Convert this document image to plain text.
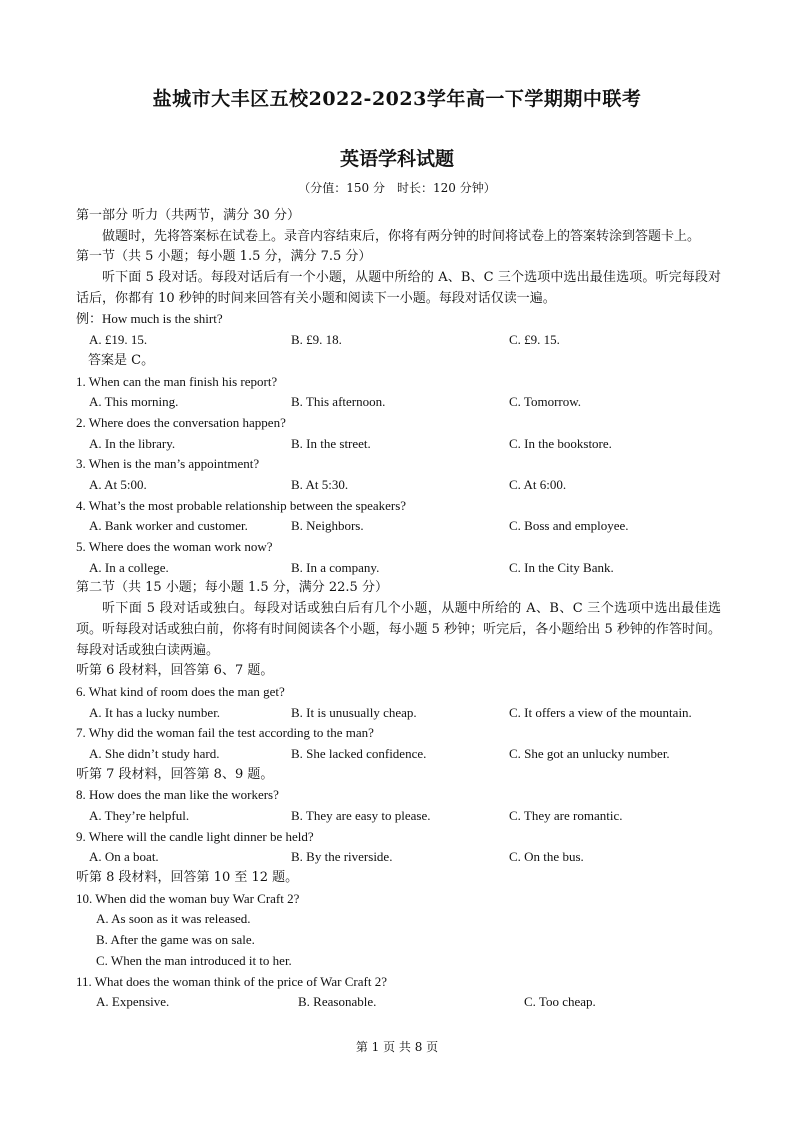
盐城市大丰区五校2022-2023学年高一下学期期中联考
英语学科试题
（分值：150 分　时长：120 分钟）
第一部分 听力（共两节，满分 30 分）
做题时，先将答案标在试卷上。录音内容结束后，你将有两分钟的时间将试卷上的答案转涂到答题卡上。
第一节（共 5 小题；每小题 1.5 分，满分 7.5 分）
听下面 5 段对话。每段对话后有一个小题，从题中所给的 A、B、C 三个选项中选出最佳选项。听完每段对话后，你都有 10 秒钟的时间来回答有关小题和阅读下一小题。每段对话仅读一遍。
例：How much is the shirt?
A. £19. 15.	B. £9. 18.	C. £9. 15.
答案是 C。
1. When can the man finish his report?
A. This morning.	B. This afternoon.	C. Tomorrow.
2. Where does the conversation happen?
A. In the library.	B. In the street.	C. In the bookstore.
3. When is the man’s appointment?
A. At 5:00.	B. At 5:30.	C. At 6:00.
4. What’s the most probable relationship between the speakers?
A. Bank worker and customer.	B. Neighbors.	C. Boss and employee.
5. Where does the woman work now?
A. In a college.	B. In a company.	C. In the City Bank.
第二节（共 15 小题；每小题 1.5 分，满分 22.5 分）
听下面 5 段对话或独白。每段对话或独白后有几个小题，从题中所给的 A、B、C 三个选项中选出最佳选项。听每段对话或独白前，你将有时间阅读各个小题，每小题 5 秒钟；听完后，各小题给出 5 秒钟的作答时间。每段对话或独白读两遍。
听第 6 段材料，回答第 6、7 题。
6. What kind of room does the man get?
A. It has a lucky number.	B. It is unusually cheap.	C. It offers a view of the mountain.
7. Why did the woman fail the test according to the man?
A. She didn’t study hard.	B. She lacked confidence.	C. She got an unlucky number.
听第 7 段材料，回答第 8、9 题。
8. How does the man like the workers?
A. They’re helpful.	B. They are easy to please.	C. They are romantic.
9. Where will the candle light dinner be held?
A. On a boat.	B. By the riverside.	C. On the bus.
听第 8 段材料，回答第 10 至 12 题。
10. When did the woman buy War Craft 2?
A. As soon as it was released.
B. After the game was on sale.
C. When the man introduced it to her.
11. What does the woman think of the price of War Craft 2?
A. Expensive.	B. Reasonable.	C. Too cheap.
第 1 页 共 8 页
